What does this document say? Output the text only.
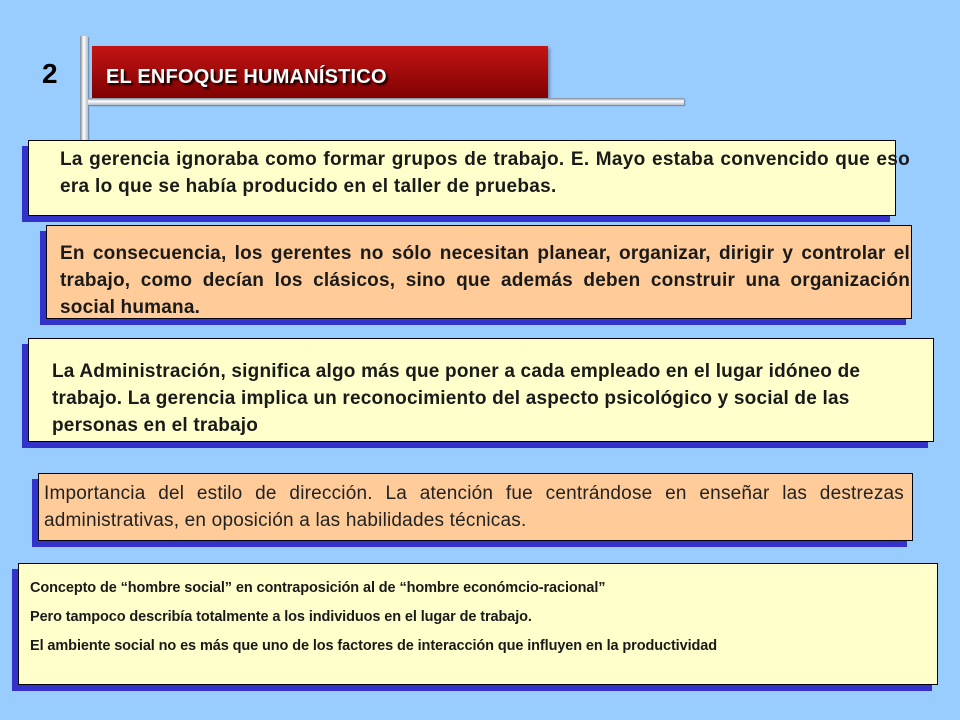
2 EL ENFOQUE HUMANÍSTICO
La gerencia ignoraba como formar grupos de trabajo. E. Mayo estaba convencido que eso era lo que se había producido en el taller de pruebas.
En consecuencia, los gerentes no sólo necesitan planear, organizar, dirigir y controlar el trabajo, como decían los clásicos, sino que además deben construir una organización social humana.
La Administración, significa algo más que poner a cada empleado en el lugar idóneo de trabajo. La gerencia implica un reconocimiento del aspecto psicológico y social de las personas en el trabajo
Importancia del estilo de dirección. La atención fue centrándose en enseñar las destrezas administrativas, en oposición a las habilidades técnicas.

Concepto de “hombre social” en contraposición al de “hombre económcio-racional”

Pero tampoco describía totalmente a los individuos en el lugar de trabajo.

El ambiente social no es más que uno de los factores de interacción que influyen en la productividad
